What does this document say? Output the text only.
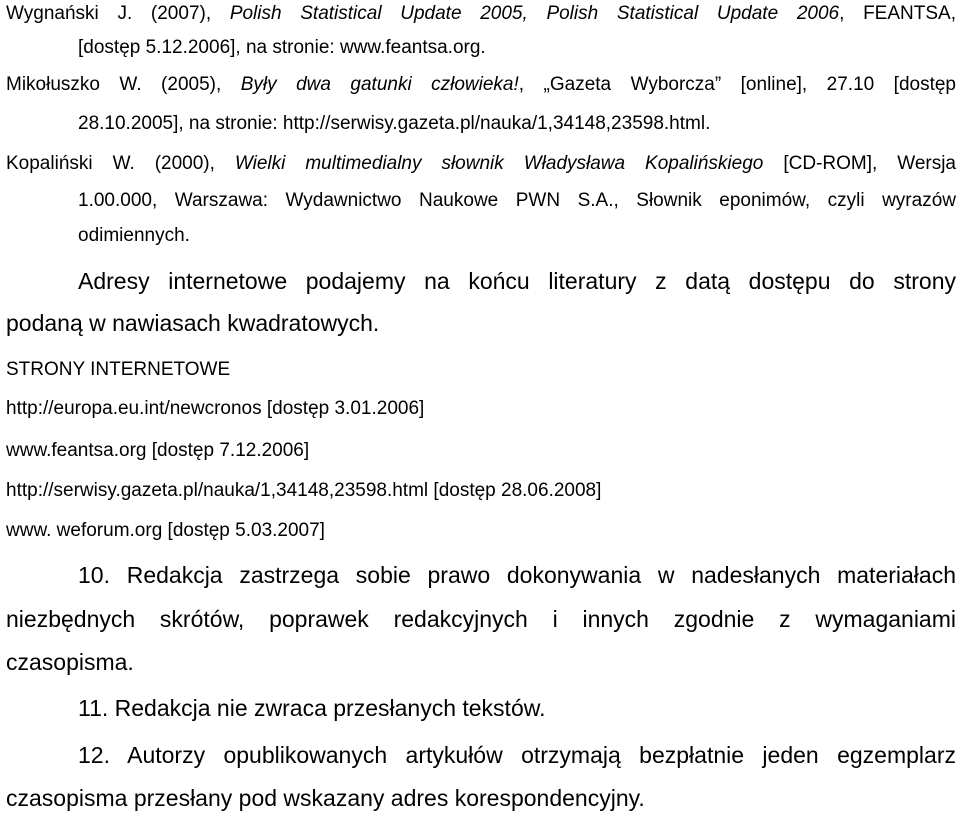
Wygnański J. (2007), Polish Statistical Update 2005, Polish Statistical Update 2006, FEANTSA,
[dostęp 5.12.2006], na stronie: www.feantsa.org.
Mikołuszko W. (2005), Były dwa gatunki człowieka!, „Gazeta Wyborcza” [online], 27.10 [dostęp
28.10.2005], na stronie: http://serwisy.gazeta.pl/nauka/1,34148,23598.html.
Kopaliński W. (2000), Wielki multimedialny słownik Władysława Kopalińskiego [CD-ROM], Wersja
1.00.000, Warszawa: Wydawnictwo Naukowe PWN S.A., Słownik eponimów, czyli wyrazów
odimiennych.
Adresy internetowe podajemy na końcu literatury z datą dostępu do strony
podaną w nawiasach kwadratowych.
STRONY INTERNETOWE
http://europa.eu.int/newcronos [dostęp 3.01.2006]
www.feantsa.org [dostęp 7.12.2006]
http://serwisy.gazeta.pl/nauka/1,34148,23598.html [dostęp 28.06.2008]
www. weforum.org [dostęp 5.03.2007]
10. Redakcja zastrzega sobie prawo dokonywania w nadesłanych materiałach
niezbędnych skrótów, poprawek redakcyjnych i innych zgodnie z wymaganiami
czasopisma.
11. Redakcja nie zwraca przesłanych tekstów.
12. Autorzy opublikowanych artykułów otrzymają bezpłatnie jeden egzemplarz
czasopisma przesłany pod wskazany adres korespondencyjny.
